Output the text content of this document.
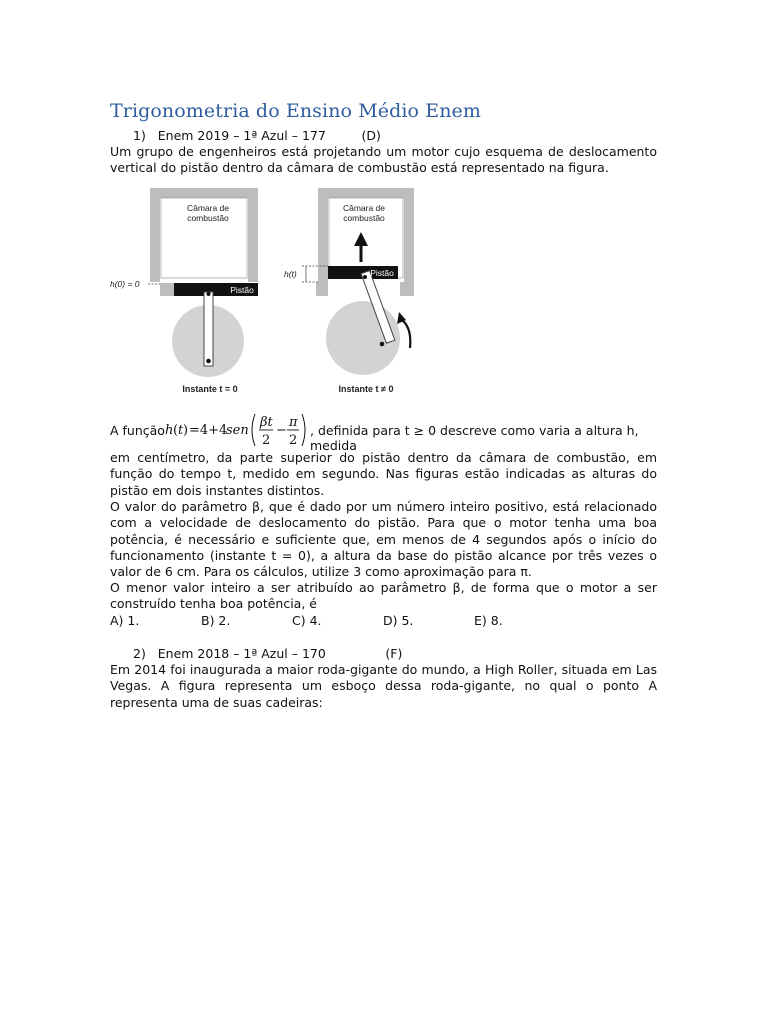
Trigonometria do Ensino Médio Enem
1)   Enem 2019 – 1ª Azul – 177         (D)
Um grupo de engenheiros está projetando um motor cujo esquema de deslocamento vertical do pistão dentro da câmara de combustão está representado na figura.
Câmara de
combustão
Pistão
h(0) = 0
Instante t = 0
Câmara de
combustão
Pistão
h(t)
Instante t ≠ 0
A função h ( t ) =4+4
sen
βt
2
−
π
2
, definida para t ≥ 0 descreve como varia a altura h, medida
em centímetro, da parte superior do pistão dentro da câmara de combustão, em função do tempo t, medido em segundo. Nas figuras estão indicadas as alturas do pistão em dois instantes distintos.
O valor do parâmetro β, que é dado por um número inteiro positivo, está relacionado com a velocidade de deslocamento do pistão. Para que o motor tenha uma boa potência, é necessário e suficiente que, em menos de 4 segundos após o início do funcionamento (instante t = 0), a altura da base do pistão alcance por três vezes o valor de 6 cm. Para os cálculos, utilize 3 como aproximação para π.
O menor valor inteiro a ser atribuído ao parâmetro β, de forma que o motor a ser construído tenha boa potência, é
A) 1.	B) 2.	C) 4.	D) 5.	E) 8.
2)   Enem 2018 – 1ª Azul – 170               (F)
Em 2014 foi inaugurada a maior roda-gigante do mundo, a High Roller, situada em Las Vegas. A figura representa um esboço dessa roda-gigante, no qual o ponto A representa uma de suas cadeiras:
